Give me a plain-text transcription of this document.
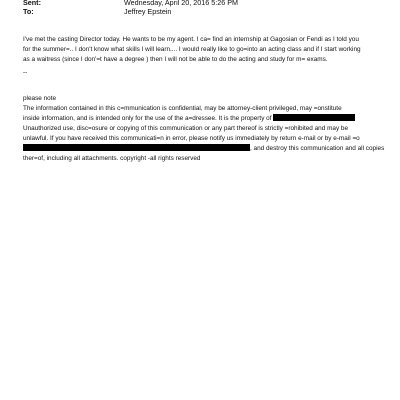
Sent:	Wednesday, April 20, 2016 5:26 PM
To:	Jeffrey Epstein
I've met the casting Director today. He wants to be my agent. I ca= find an internship at Gagosian or Fendi as I told you
for the summer=.. I don't know what skills I will learn.... I would really like to go=into an acting class and if I start working
as a waitress (since I don'=t have a degree ) then I will not be able to do the acting and study for m= exams.
--
please note
The information contained in this c=mmunication is confidential, may be attorney-client privileged, may =onstitute
inside information, and is intended only for the use of the a=dressee. It is the property of
Unauthorized use, disc=osure or copying of this communication or any part thereof is strictly =rohibited and may be
unlawful. If you have received this communicati=n in error, please notify us immediately by return e-mail or by e-mail =o
, and destroy this communication and all copies
ther=of, including all attachments. copyright -all rights reserved
